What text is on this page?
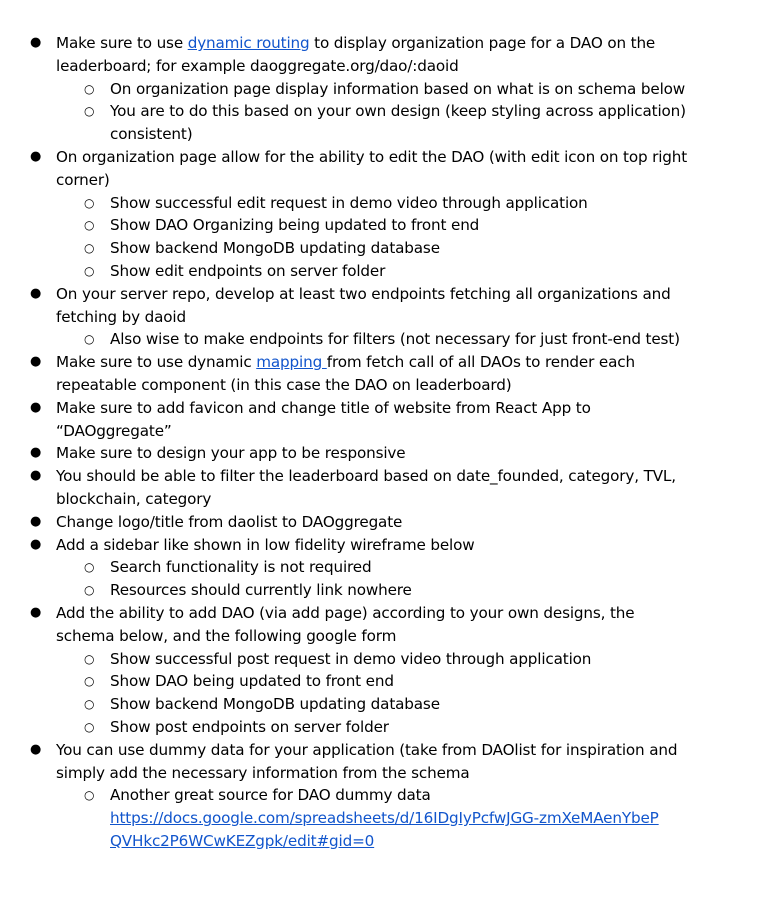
● Make sure to use dynamic routing to display organization page for a DAO on the leaderboard; for example daoggregate.org/dao/:daoid
○ On organization page display information based on what is on schema below
○ You are to do this based on your own design (keep styling across application) consistent)
● On organization page allow for the ability to edit the DAO (with edit icon on top right corner)
○ Show successful edit request in demo video through application
○ Show DAO Organizing being updated to front end
○ Show backend MongoDB updating database
○ Show edit endpoints on server folder
● On your server repo, develop at least two endpoints fetching all organizations and fetching by daoid
○ Also wise to make endpoints for filters (not necessary for just front-end test)
● Make sure to use dynamic mapping from fetch call of all DAOs to render each repeatable component (in this case the DAO on leaderboard)
● Make sure to add favicon and change title of website from React App to “DAOggregate”
● Make sure to design your app to be responsive
● You should be able to filter the leaderboard based on date_founded, category, TVL, blockchain, category
● Change logo/title from daolist to DAOggregate
● Add a sidebar like shown in low fidelity wireframe below
○ Search functionality is not required
○ Resources should currently link nowhere
● Add the ability to add DAO (via add page) according to your own designs, the schema below, and the following google form
○ Show successful post request in demo video through application
○ Show DAO being updated to front end
○ Show backend MongoDB updating database
○ Show post endpoints on server folder
● You can use dummy data for your application (take from DAOlist for inspiration and simply add the necessary information from the schema
○ Another great source for DAO dummy data
https://docs.google.com/spreadsheets/d/16IDgIyPcfwJGG-zmXeMAenYbeP
QVHkc2P6WCwKEZgpk/edit#gid=0
